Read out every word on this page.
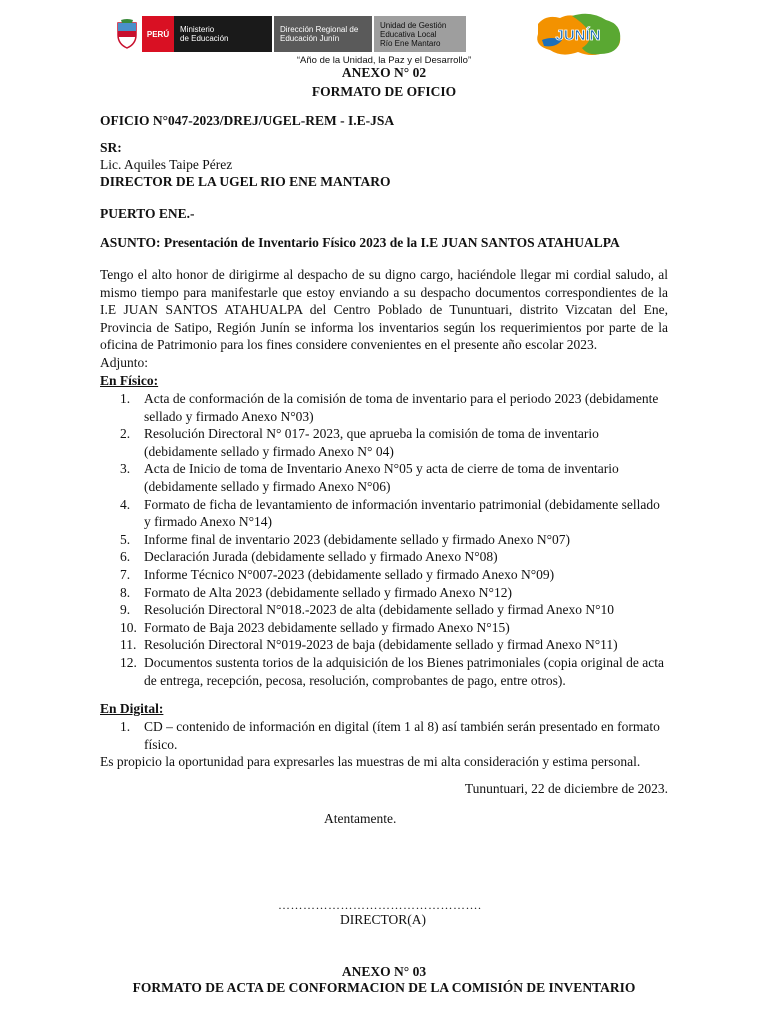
PERÚ	Ministerio
de Educación
Dirección Regional de
Educación Junín
Unidad de Gestión
Educativa Local
Río Ene Mantaro	JUNÍN
“Año de la Unidad, la Paz y el Desarrollo”
ANEXO N° 02
FORMATO DE OFICIO
OFICIO N°047-2023/DREJ/UGEL-REM - I.E-JSA
SR:
Lic. Aquiles Taipe Pérez
DIRECTOR DE LA UGEL RIO ENE MANTARO
PUERTO ENE.-
ASUNTO: Presentación de Inventario Físico 2023 de la I.E JUAN SANTOS ATAHUALPA
Tengo el alto honor de dirigirme al despacho de su digno cargo, haciéndole llegar mi cordial saludo, al mismo tiempo para manifestarle que estoy enviando a su despacho documentos correspondientes de la I.E JUAN SANTOS ATAHUALPA del Centro Poblado de Tununtuari, distrito Vizcatan del Ene, Provincia de Satipo, Región Junín se informa los inventarios según los requerimientos por parte de la oficina de Patrimonio para los fines considere convenientes en el presente año escolar 2023.
Adjunto:
En Físico:
1. Acta de conformación de la comisión de toma de inventario para el periodo 2023 (debidamente sellado y firmado Anexo N°03)
2. Resolución Directoral N° 017- 2023, que aprueba la comisión de toma de inventario (debidamente sellado y firmado Anexo N° 04)
3. Acta de Inicio de toma de Inventario Anexo N°05 y acta de cierre de toma de inventario (debidamente sellado y firmado Anexo N°06)
4. Formato de ficha de levantamiento de información inventario patrimonial (debidamente sellado y firmado Anexo N°14)
5. Informe final de inventario 2023 (debidamente sellado y firmado Anexo N°07)
6. Declaración Jurada (debidamente sellado y firmado Anexo N°08)
7. Informe Técnico N°007-2023 (debidamente sellado y firmado Anexo N°09)
8. Formato de Alta 2023 (debidamente sellado y firmado Anexo N°12)
9. Resolución Directoral N°018.-2023 de alta (debidamente sellado y firmad Anexo N°10
10. Formato de Baja 2023 debidamente sellado y firmado Anexo N°15)
11. Resolución Directoral N°019-2023 de baja (debidamente sellado y firmad Anexo N°11)
12. Documentos sustenta torios de la adquisición de los Bienes patrimoniales (copia original de acta de entrega, recepción, pecosa, resolución, comprobantes de pago, entre otros).
En Digital:
1. CD – contenido de información en digital (ítem 1 al 8) así también serán presentado en formato físico.
Es propicio la oportunidad para expresarles las muestras de mi alta consideración y estima personal.
Tununtuari, 22 de diciembre de 2023.
Atentamente.
………………………………………….
DIRECTOR(A)
ANEXO N° 03
FORMATO DE ACTA DE CONFORMACION DE LA COMISIÓN DE INVENTARIO
